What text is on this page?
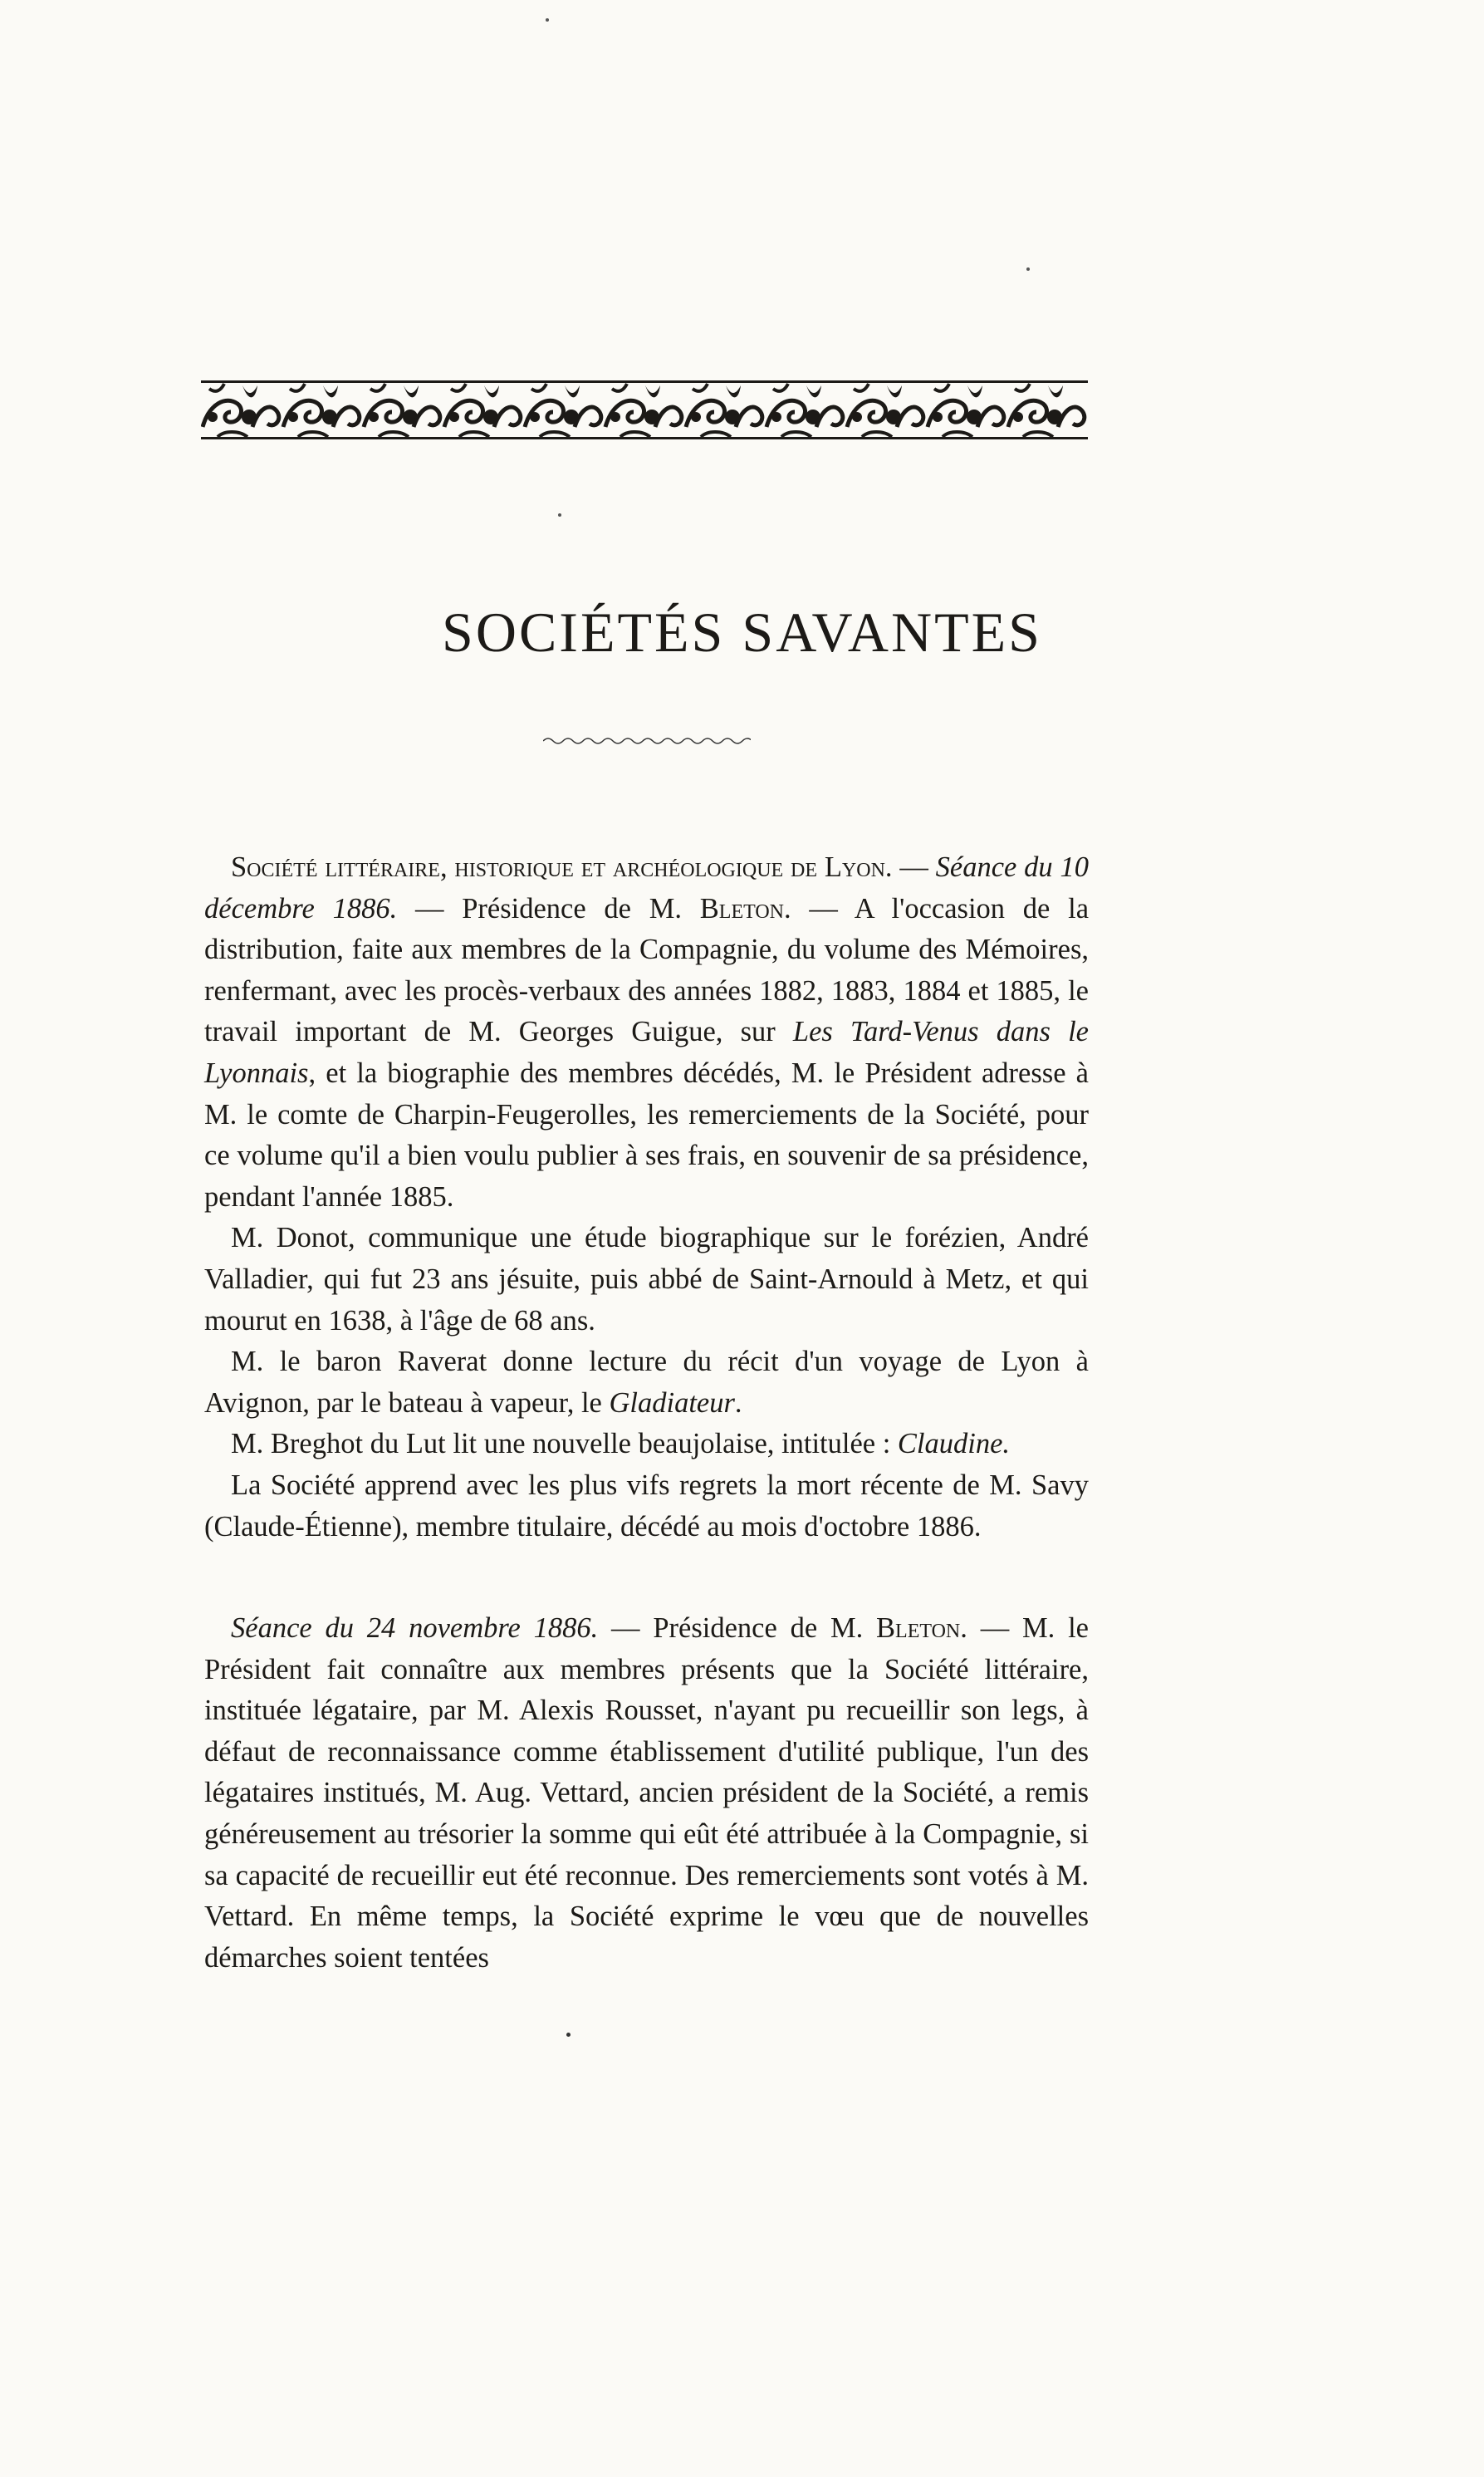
SOCIÉTÉS SAVANTES

Société littéraire, historique et archéologique de Lyon. — Séance du 10 décembre 1886. — Présidence de M. Bleton. — A l'occasion de la distribution, faite aux membres de la Compagnie, du volume des Mémoires, renfermant, avec les procès-verbaux des années 1882, 1883, 1884 et 1885, le travail important de M. Georges Guigue, sur Les Tard-Venus dans le Lyonnais, et la biographie des membres décédés, M. le Président adresse à M. le comte de Charpin-Feugerolles, les remerciements de la Société, pour ce volume qu'il a bien voulu publier à ses frais, en souvenir de sa présidence, pendant l'année 1885.

M. Donot, communique une étude biographique sur le forézien, André Valladier, qui fut 23 ans jésuite, puis abbé de Saint-Arnould à Metz, et qui mourut en 1638, à l'âge de 68 ans.

M. le baron Raverat donne lecture du récit d'un voyage de Lyon à Avignon, par le bateau à vapeur, le Gladiateur.

M. Breghot du Lut lit une nouvelle beaujolaise, intitulée : Claudine.

La Société apprend avec les plus vifs regrets la mort récente de M. Savy (Claude-Étienne), membre titulaire, décédé au mois d'octobre 1886.

Séance du 24 novembre 1886. — Présidence de M. Bleton. — M. le Président fait connaître aux membres présents que la Société littéraire, instituée légataire, par M. Alexis Rousset, n'ayant pu recueillir son legs, à défaut de reconnaissance comme établissement d'utilité publique, l'un des légataires institués, M. Aug. Vettard, ancien président de la Société, a remis généreusement au trésorier la somme qui eût été attribuée à la Compagnie, si sa capacité de recueillir eut été reconnue. Des remerciements sont votés à M. Vettard. En même temps, la Société exprime le vœu que de nouvelles démarches soient tentées
